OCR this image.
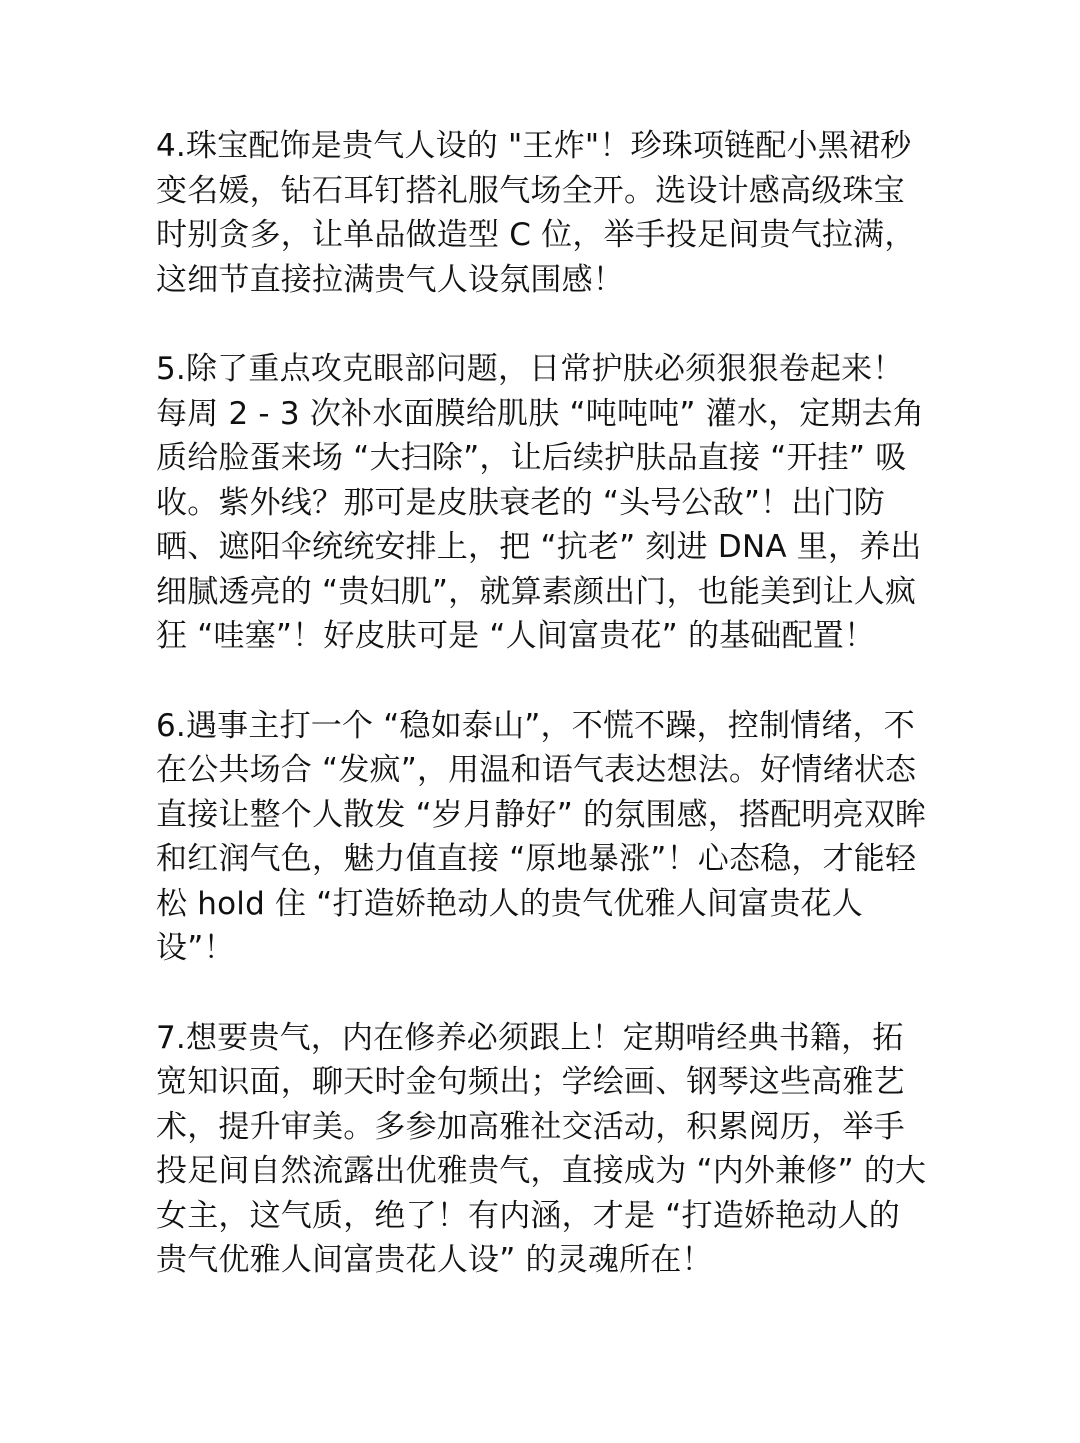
4.珠宝配饰是贵气人设的 "王炸"！珍珠项链配小黑裙秒变名媛，钻石耳钉搭礼服气场全开。选设计感高级珠宝时别贪多，让单品做造型 C 位，举手投足间贵气拉满，这细节直接拉满贵气人设氛围感！

5.除了重点攻克眼部问题，日常护肤必须狠狠卷起来！每周 2 - 3 次补水面膜给肌肤 “吨吨吨” 灌水，定期去角质给脸蛋来场 “大扫除”，让后续护肤品直接 “开挂” 吸收。紫外线？那可是皮肤衰老的 “头号公敌”！出门防晒、遮阳伞统统安排上，把 “抗老” 刻进 DNA 里，养出细腻透亮的 “贵妇肌”，就算素颜出门，也能美到让人疯狂 “哇塞”！好皮肤可是 “人间富贵花” 的基础配置！

6.遇事主打一个 “稳如泰山”，不慌不躁，控制情绪，不在公共场合 “发疯”，用温和语气表达想法。好情绪状态直接让整个人散发 “岁月静好” 的氛围感，搭配明亮双眸和红润气色，魅力值直接 “原地暴涨”！心态稳，才能轻松 hold 住 “打造娇艳动人的贵气优雅人间富贵花人设”！

7.想要贵气，内在修养必须跟上！定期啃经典书籍，拓宽知识面，聊天时金句频出；学绘画、钢琴这些高雅艺术，提升审美。多参加高雅社交活动，积累阅历，举手投足间自然流露出优雅贵气，直接成为 “内外兼修” 的大女主，这气质，绝了！有内涵，才是 “打造娇艳动人的贵气优雅人间富贵花人设” 的灵魂所在！
